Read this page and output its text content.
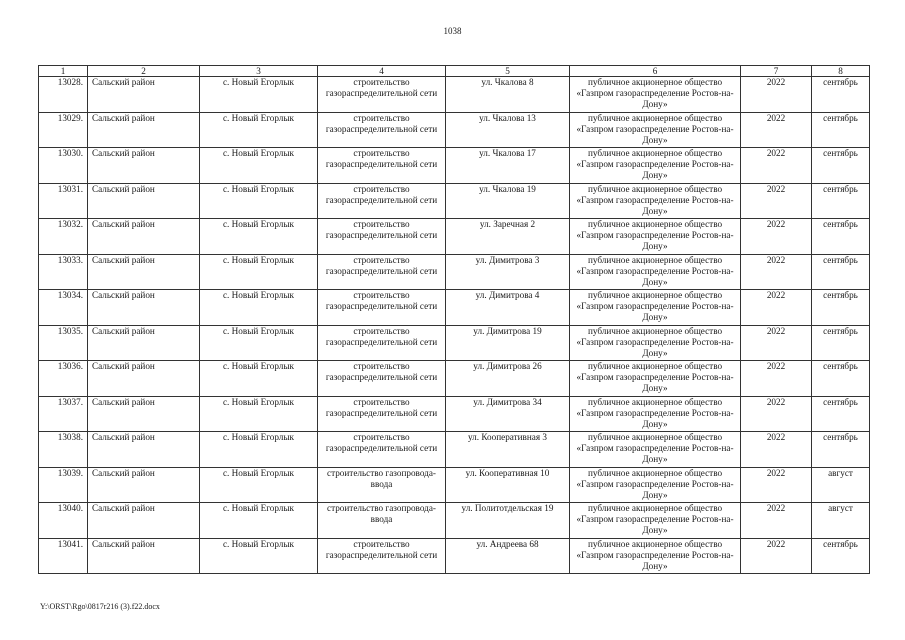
1038
1	2	3	4	5	6	7	8
13028.	Сальский район	с. Новый Егорлык	строительство газораспределительной сети	ул. Чкалова 8	публичное акционерное общество «Газпром газораспределение Ростов-на-Дону»	2022	сентябрь
13029.	Сальский район	с. Новый Егорлык	строительство газораспределительной сети	ул. Чкалова 13	публичное акционерное общество «Газпром газораспределение Ростов-на-Дону»	2022	сентябрь
13030.	Сальский район	с. Новый Егорлык	строительство газораспределительной сети	ул. Чкалова 17	публичное акционерное общество «Газпром газораспределение Ростов-на-Дону»	2022	сентябрь
13031.	Сальский район	с. Новый Егорлык	строительство газораспределительной сети	ул. Чкалова 19	публичное акционерное общество «Газпром газораспределение Ростов-на-Дону»	2022	сентябрь
13032.	Сальский район	с. Новый Егорлык	строительство газораспределительной сети	ул. Заречная 2	публичное акционерное общество «Газпром газораспределение Ростов-на-Дону»	2022	сентябрь
13033.	Сальский район	с. Новый Егорлык	строительство газораспределительной сети	ул. Димитрова 3	публичное акционерное общество «Газпром газораспределение Ростов-на-Дону»	2022	сентябрь
13034.	Сальский район	с. Новый Егорлык	строительство газораспределительной сети	ул. Димитрова 4	публичное акционерное общество «Газпром газораспределение Ростов-на-Дону»	2022	сентябрь
13035.	Сальский район	с. Новый Егорлык	строительство газораспределительной сети	ул. Димитрова 19	публичное акционерное общество «Газпром газораспределение Ростов-на-Дону»	2022	сентябрь
13036.	Сальский район	с. Новый Егорлык	строительство газораспределительной сети	ул. Димитрова 26	публичное акционерное общество «Газпром газораспределение Ростов-на-Дону»	2022	сентябрь
13037.	Сальский район	с. Новый Егорлык	строительство газораспределительной сети	ул. Димитрова 34	публичное акционерное общество «Газпром газораспределение Ростов-на-Дону»	2022	сентябрь
13038.	Сальский район	с. Новый Егорлык	строительство газораспределительной сети	ул. Кооперативная 3	публичное акционерное общество «Газпром газораспределение Ростов-на-Дону»	2022	сентябрь
13039.	Сальский район	с. Новый Егорлык	строительство газопровода-ввода	ул. Кооперативная 10	публичное акционерное общество «Газпром газораспределение Ростов-на-Дону»	2022	август
13040.	Сальский район	с. Новый Егорлык	строительство газопровода-ввода	ул. Политотдельская 19	публичное акционерное общество «Газпром газораспределение Ростов-на-Дону»	2022	август
13041.	Сальский район	с. Новый Егорлык	строительство газораспределительной сети	ул. Андреева 68	публичное акционерное общество «Газпром газораспределение Ростов-на-Дону»	2022	сентябрь
Y:\ORST\Rgo\0817r216 (3).f22.docx
